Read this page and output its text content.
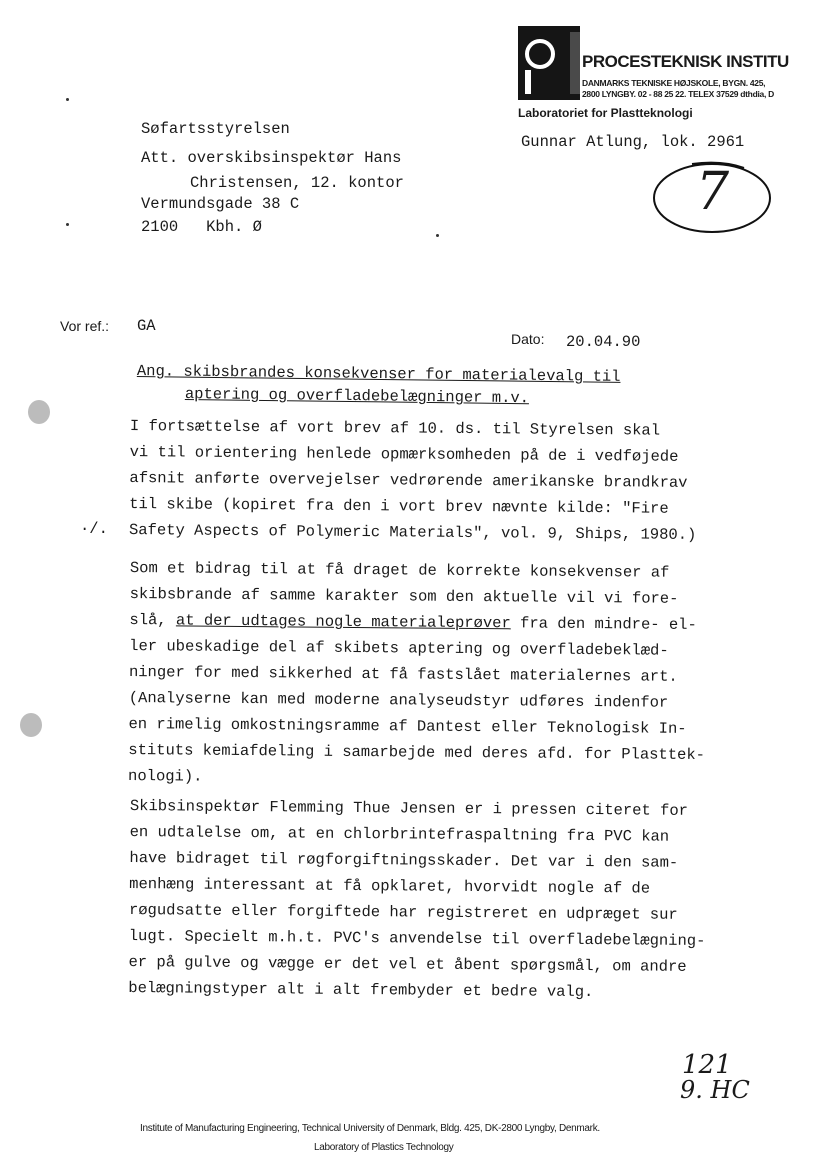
PROCESTEKNISK INSTITU
DANMARKS TEKNISKE HØJSKOLE, BYGN. 425,
2800 LYNGBY. 02 - 88 25 22. TELEX 37529 dthdia, D
Laboratoriet for Plastteknologi
Gunnar Atlung, lok. 2961
7
Søfartsstyrelsen
Att. overskibsinspektør Hans
Christensen, 12. kontor
Vermundsgade 38 C
2100   Kbh. Ø
Vor ref.: GA
Dato: 20.04.90
Ang. skibsbrandes konsekvenser for materialevalg til
aptering og overfladebelægninger m.v.
·/.
I fortsættelse af vort brev af 10. ds. til Styrelsen skal
vi til orientering henlede opmærksomheden på de i vedføjede
afsnit anførte overvejelser vedrørende amerikanske brandkrav
til skibe (kopiret fra den i vort brev nævnte kilde: "Fire
Safety Aspects of Polymeric Materials", vol. 9, Ships, 1980.)
Som et bidrag til at få draget de korrekte konsekvenser af
skibsbrande af samme karakter som den aktuelle vil vi fore-
slå, at der udtages nogle materialeprøver fra den mindre- el-
ler ubeskadige del af skibets aptering og overfladebeklæd-
ninger for med sikkerhed at få fastslået materialernes art.
(Analyserne kan med moderne analyseudstyr udføres indenfor
en rimelig omkostningsramme af Dantest eller Teknologisk In-
stituts kemiafdeling i samarbejde med deres afd. for Plasttek-
nologi).
Skibsinspektør Flemming Thue Jensen er i pressen citeret for
en udtalelse om, at en chlorbrintefraspaltning fra PVC kan
have bidraget til røgforgiftningsskader. Det var i den sam-
menhæng interessant at få opklaret, hvorvidt nogle af de
røgudsatte eller forgiftede har registreret en udpræget sur
lugt. Specielt m.h.t. PVC's anvendelse til overfladebelægning-
er på gulve og vægge er det vel et åbent spørgsmål, om andre
belægningstyper alt i alt frembyder et bedre valg.
121
9. HC
Institute of Manufacturing Engineering, Technical University of Denmark, Bldg. 425, DK-2800 Lyngby, Denmark.
Laboratory of Plastics Technology
